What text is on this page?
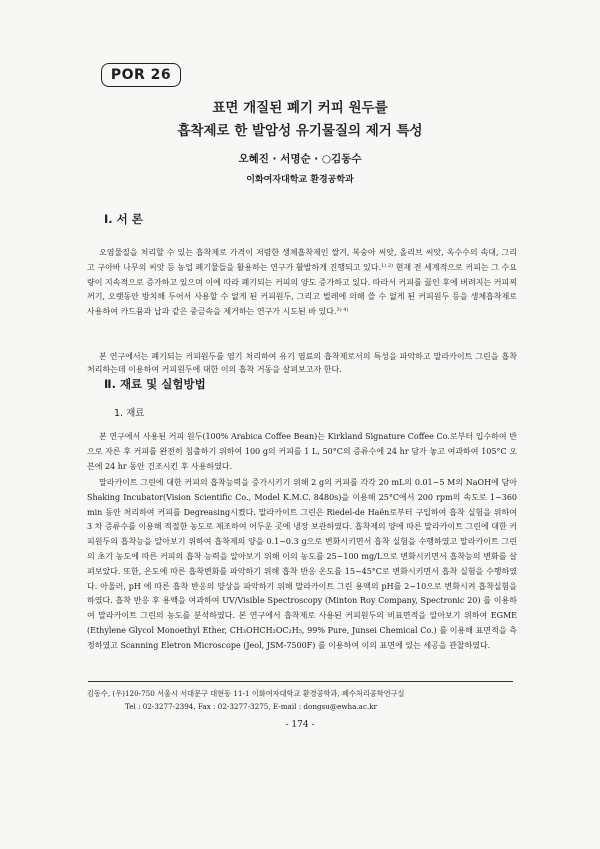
POR 26
표면 개질된 폐기 커피 원두를
흡착제로 한 발암성 유기물질의 제거 특성
오혜진 · 서명순 · ○김동수
이화여자대학교 환경공학과
Ⅰ. 서 론

오염물질을 처리할 수 있는 흡착제로 가격이 저렴한 생체흡착제인 쌀겨, 복숭아 씨앗, 올리브 씨앗, 옥수수의 속대, 그리고 구아바 나무의 씨앗 등 농업 폐기물들을 활용하는 연구가 활발하게 진행되고 있다.$^{1) 2)}$ 현재 전 세계적으로 커피는 그 수요량이 지속적으로 증가하고 있으며 이에 따라 폐기되는 커피의 양도 증가하고 있다. 따라서 커피를 끓인 후에 버려지는 커피찌꺼기, 오랫동안 방치해 두어서 사용할 수 없게 된 커피원두, 그리고 벌레에 의해 쓸 수 없게 된 커피원두 등을 생체흡착제로 사용하여 카드뮴과 납과 같은 중금속을 제거하는 연구가 시도된 바 있다.$^{3) 4)}$

본 연구에서는 폐기되는 커피원두를 염기 처리하여 유기 염료의 흡착제로서의 특성을 파악하고 말라카이트 그린을 흡착 처리하는데 이용하여 커피원두에 대한 이의 흡착 거동을 살펴보고자 한다.

Ⅱ. 재료 및 실험방법
1. 재료

본 연구에서 사용된 커피 원두(100% Arabica Coffee Bean)는 Kirkland Signature Coffee Co.로부터 입수하여 반으로 자른 후 커피를 완전히 침출하기 위하여 100 g의 커피를 1 L, 50°C의 증류수에 24 hr 담가 놓고 여과하여 105°C 오븐에 24 hr 동안 건조시킨 후 사용하였다.

말라카이트 그린에 대한 커피의 흡착능력을 증가시키기 위해 2 g의 커피를 각각 20 mL의 0.01~5 M의 NaOH에 담아 Shaking Incubator(Vision Scientific Co., Model K.M.C. 8480s)을 이용해 25°C에서 200 rpm의 속도로 1~360 min 동안 처리하여 커피를 Degreasing시켰다. 말라카이트 그린은 Riedel-de Haën로부터 구입하여 흡착 실험을 위하여 3 차 증류수를 이용해 적절한 농도로 제조하여 어두운 곳에 냉장 보관하였다. 흡착제의 양에 따른 말라카이트 그린에 대한 커피원두의 흡착능을 알아보기 위하여 흡착제의 양을 0.1~0.3 g으로 변화시키면서 흡착 실험을 수행하였고 말라카이트 그린의 초기 농도에 따른 커피의 흡착 능력을 알아보기 위해 이의 농도를 25~100 mg/L으로 변화시키면서 흡착능의 변화를 살펴보았다. 또한, 온도에 따른 흡착변화를 파악하기 위해 흡착 반응 온도를 15~45°C로 변화시키면서 흡착 실험을 수행하였다. 아울러, pH 에 따른 흡착 반응의 양상을 파악하기 위해 말라카이트 그린 용액의 pH를 2~10으로 변화시켜 흡착실험을 하였다. 흡착 반응 후 용액을 여과하여 UV/Visible Spectroscopy (Minton Roy Company, Spectronic 20) 를 이용하여 말라카이트 그린의 농도를 분석하였다. 본 연구에서 흡착제로 사용된 커피원두의 비표면적을 알아보기 위하여 EGME (Ethylene Glycol Monoethyl Ether, CH₃OHCH₂OC₂H₅, 99% Pure, Junsei Chemical Co.) 를 이용해 표면적을 측정하였고 Scanning Eletron Microscope (Jeol, JSM-7500F) 를 이용하여 이의 표면에 있는 세공을 관찰하였다.

김동수, (우)120-750 서울시 서대문구 대현동 11-1 이화여자대학교 환경공학과, 폐수처리공학연구실
Tel : 02-3277-2394, Fax : 02-3277-3275, E-mail : dongsu@ewha.ac.kr
- 174 -
